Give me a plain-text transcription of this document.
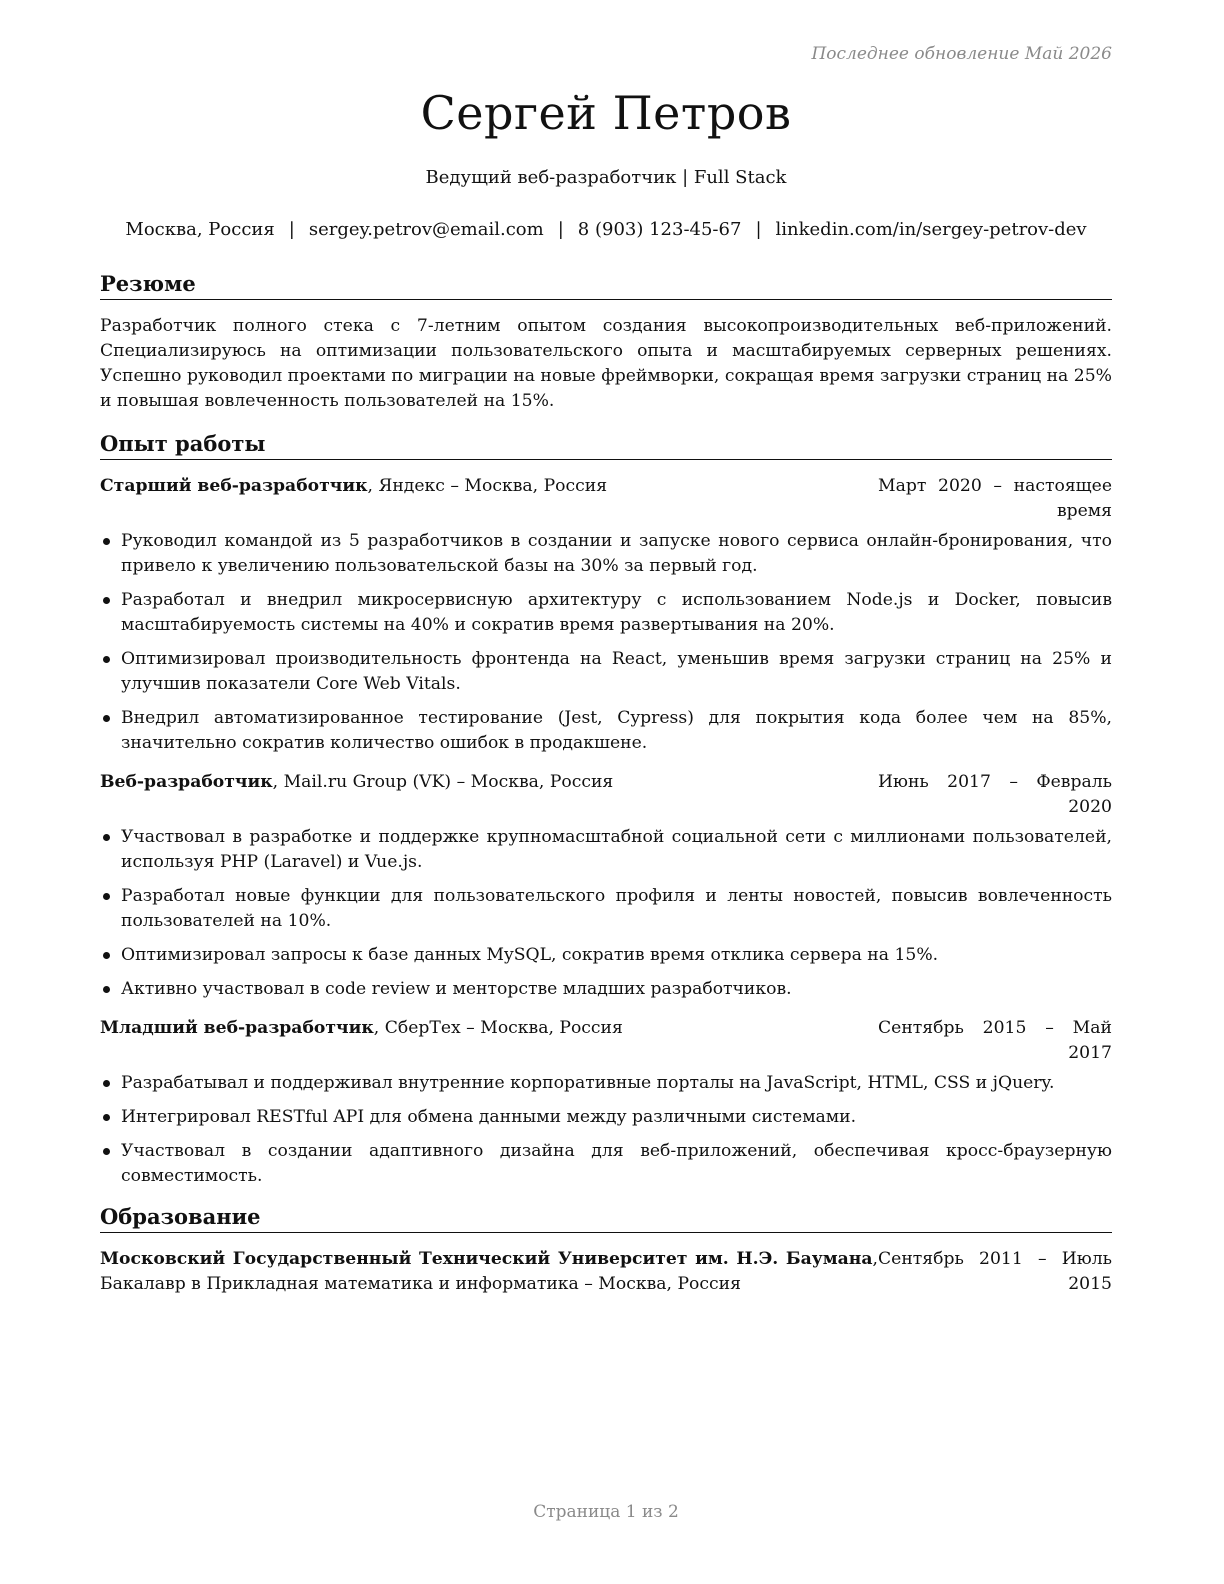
Последнее обновление Май 2026
Сергей Петров
Ведущий веб-разработчик | Full Stack
Москва, Россия | sergey.petrov@email.com | 8 (903) 123-45-67 | linkedin.com/in/sergey-petrov-dev
Резюме

Разработчик полного стека с 7-летним опытом создания высокопроизводительных веб-приложений. Специализируюсь на оптимизации пользовательского опыта и масштабируемых серверных решениях. Успешно руководил проектами по миграции на новые фреймворки, сокращая время загрузки страниц на 25% и повышая вовлеченность пользователей на 15%.

Опыт работы
Старший веб-разработчик, Яндекс – Москва, Россия	Март 2020 – настоящее время
Руководил командой из 5 разработчиков в создании и запуске нового сервиса онлайн-бронирования, что привело к увеличению пользовательской базы на 30% за первый год.
Разработал и внедрил микросервисную архитектуру с использованием Node.js и Docker, повысив масштабируемость системы на 40% и сократив время развертывания на 20%.
Оптимизировал производительность фронтенда на React, уменьшив время загрузки страниц на 25% и улучшив показатели Core Web Vitals.
Внедрил автоматизированное тестирование (Jest, Cypress) для покрытия кода более чем на 85%, значительно сократив количество ошибок в продакшене.
Веб-разработчик, Mail.ru Group (VK) – Москва, Россия	Июнь 2017 – Февраль 2020
Участвовал в разработке и поддержке крупномасштабной социальной сети с миллионами пользователей, используя PHP (Laravel) и Vue.js.
Разработал новые функции для пользовательского профиля и ленты новостей, повысив вовлеченность пользователей на 10%.
Оптимизировал запросы к базе данных MySQL, сократив время отклика сервера на 15%.
Активно участвовал в code review и менторстве младших разработчиков.
Младший веб-разработчик, СберТех – Москва, Россия	Сентябрь 2015 – Май 2017
Разрабатывал и поддерживал внутренние корпоративные порталы на JavaScript, HTML, CSS и jQuery.
Интегрировал RESTful API для обмена данными между различными системами.
Участвовал в создании адаптивного дизайна для веб-приложений, обеспечивая кросс-браузерную совместимость.
Образование
Московский Государственный Технический Университет им. Н.Э. Баумана, Бакалавр в Прикладная математика и информатика – Москва, Россия
Сентябрь 2011 – Июль 2015
Страница 1 из 2
